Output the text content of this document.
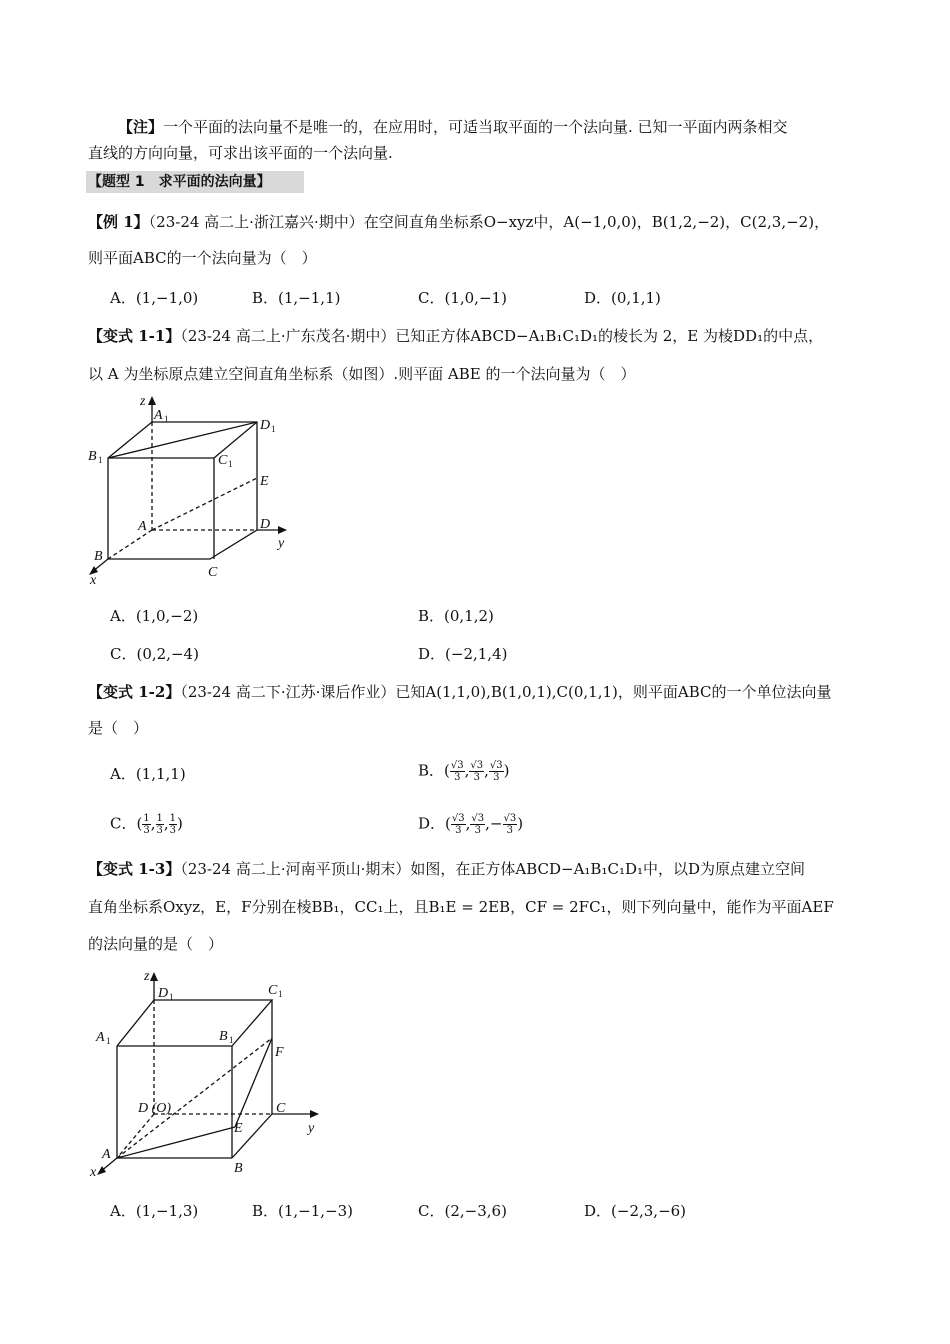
【注】一个平面的法向量不是唯一的，在应用时，可适当取平面的一个法向量. 已知一平面内两条相交
直线的方向向量，可求出该平面的一个法向量.
【题型 1　求平面的法向量】
【例 1】（23-24 高二上·浙江嘉兴·期中）在空间直角坐标系O−xyz中，A(−1,0,0)，B(1,2,−2)，C(2,3,−2)，
则平面ABC的一个法向量为（　）
A．(1,−1,0)	B．(1,−1,1)	C．(1,0,−1)	D．(0,1,1)
【变式 1-1】（23-24 高二上·广东茂名·期中）已知正方体ABCD−A₁B₁C₁D₁的棱长为 2，E 为棱DD₁的中点，
以 A 为坐标原点建立空间直角坐标系（如图）.则平面 ABE 的一个法向量为（　）
z
A 1	D 1
B 1	C 1
E
A	D
y
B
C
x
A．(1,0,−2)	B．(0,1,2)
C．(0,2,−4)	D．(−2,1,4)
【变式 1-2】（23-24 高二下·江苏·课后作业）已知A(1,1,0),B(1,0,1),C(0,1,1)，则平面ABC的一个单位法向量
是（　）
A．(1,1,1)	B．( $\frac{√3}{3}$ , $\frac{√3}{3}$ , $\frac{√3}{3}$ )
C．( $\frac{1}{3}$ , $\frac{1}{3}$ , $\frac{1}{3}$ )	D．( $\frac{√3}{3}$ , $\frac{√3}{3}$ ,− $\frac{√3}{3}$ )
【变式 1-3】（23-24 高二上·河南平顶山·期末）如图，在正方体ABCD−A₁B₁C₁D₁中，以D为原点建立空间
直角坐标系Oxyz，E，F分别在棱BB₁，CC₁上，且B₁E = 2EB，CF = 2FC₁，则下列向量中，能作为平面AEF
的法向量的是（　）
z
D 1	C 1
A 1	B 1
F
D (O)	C
E	y
A
B
x
A．(1,−1,3)	B．(1,−1,−3)	C．(2,−3,6)	D．(−2,3,−6)
